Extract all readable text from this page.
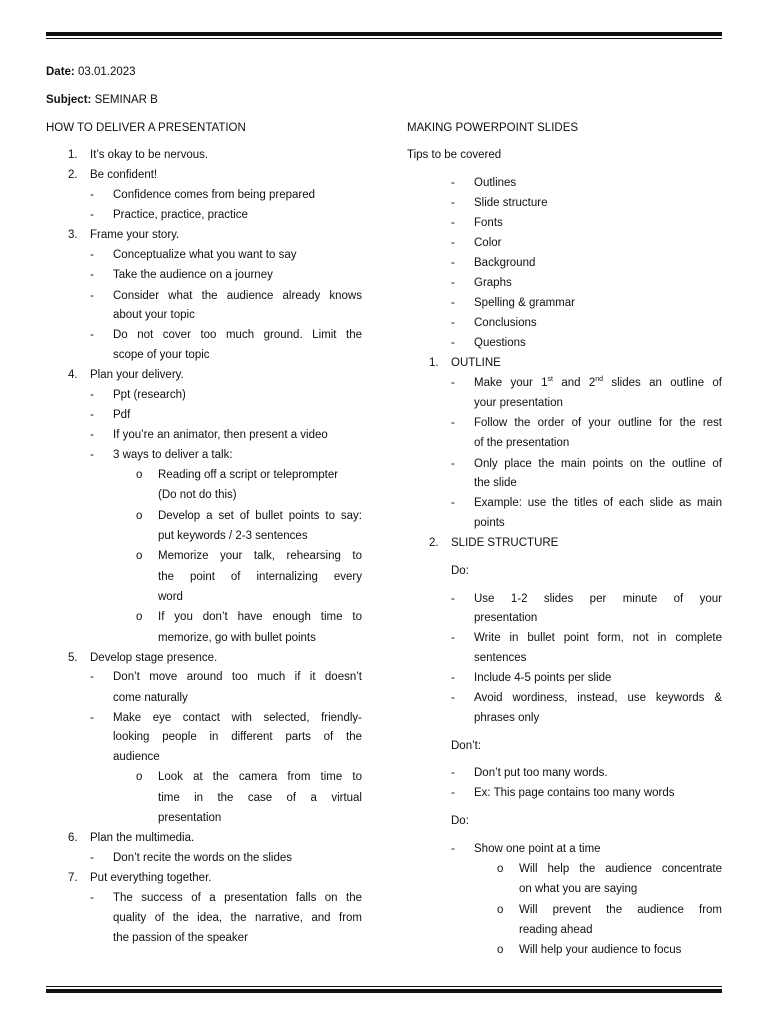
Date: 03.01.2023
Subject: SEMINAR B
HOW TO DELIVER A PRESENTATION
1. It’s okay to be nervous.
2. Be confident!
- Confidence comes from being prepared
- Practice, practice, practice
3. Frame your story.
- Conceptualize what you want to say
- Take the audience on a journey
- Consider what the audience already knows
about your topic
- Do not cover too much ground. Limit the
scope of your topic
4. Plan your delivery.
- Ppt (research)
- Pdf
- If you’re an animator, then present a video
- 3 ways to deliver a talk:
o Reading off a script or teleprompter
(Do not do this)
o Develop a set of bullet points to say:
put keywords / 2-3 sentences
o Memorize your talk, rehearsing to
the point of internalizing every
word
o If you don’t have enough time to
memorize, go with bullet points
5. Develop stage presence.
- Don’t move around too much if it doesn’t
come naturally
- Make eye contact with selected, friendly-
looking people in different parts of the
audience
o Look at the camera from time to
time in the case of a virtual
presentation
6. Plan the multimedia.
- Don’t recite the words on the slides
7. Put everything together.
- The success of a presentation falls on the
quality of the idea, the narrative, and from
the passion of the speaker
MAKING POWERPOINT SLIDES
Tips to be covered
- Outlines
- Slide structure
- Fonts
- Color
- Background
- Graphs
- Spelling & grammar
- Conclusions
- Questions
1. OUTLINE
- Make your 1st and 2nd slides an outline of
your presentation
- Follow the order of your outline for the rest
of the presentation
- Only place the main points on the outline of
the slide
- Example: use the titles of each slide as main
points
2. SLIDE STRUCTURE
Do:
- Use 1-2 slides per minute of your
presentation
- Write in bullet point form, not in complete
sentences
- Include 4-5 points per slide
- Avoid wordiness, instead, use keywords &
phrases only
Don’t:
- Don’t put too many words.
- Ex: This page contains too many words
Do:
- Show one point at a time
o Will help the audience concentrate
on what you are saying
o Will prevent the audience from
reading ahead
o Will help your audience to focus
